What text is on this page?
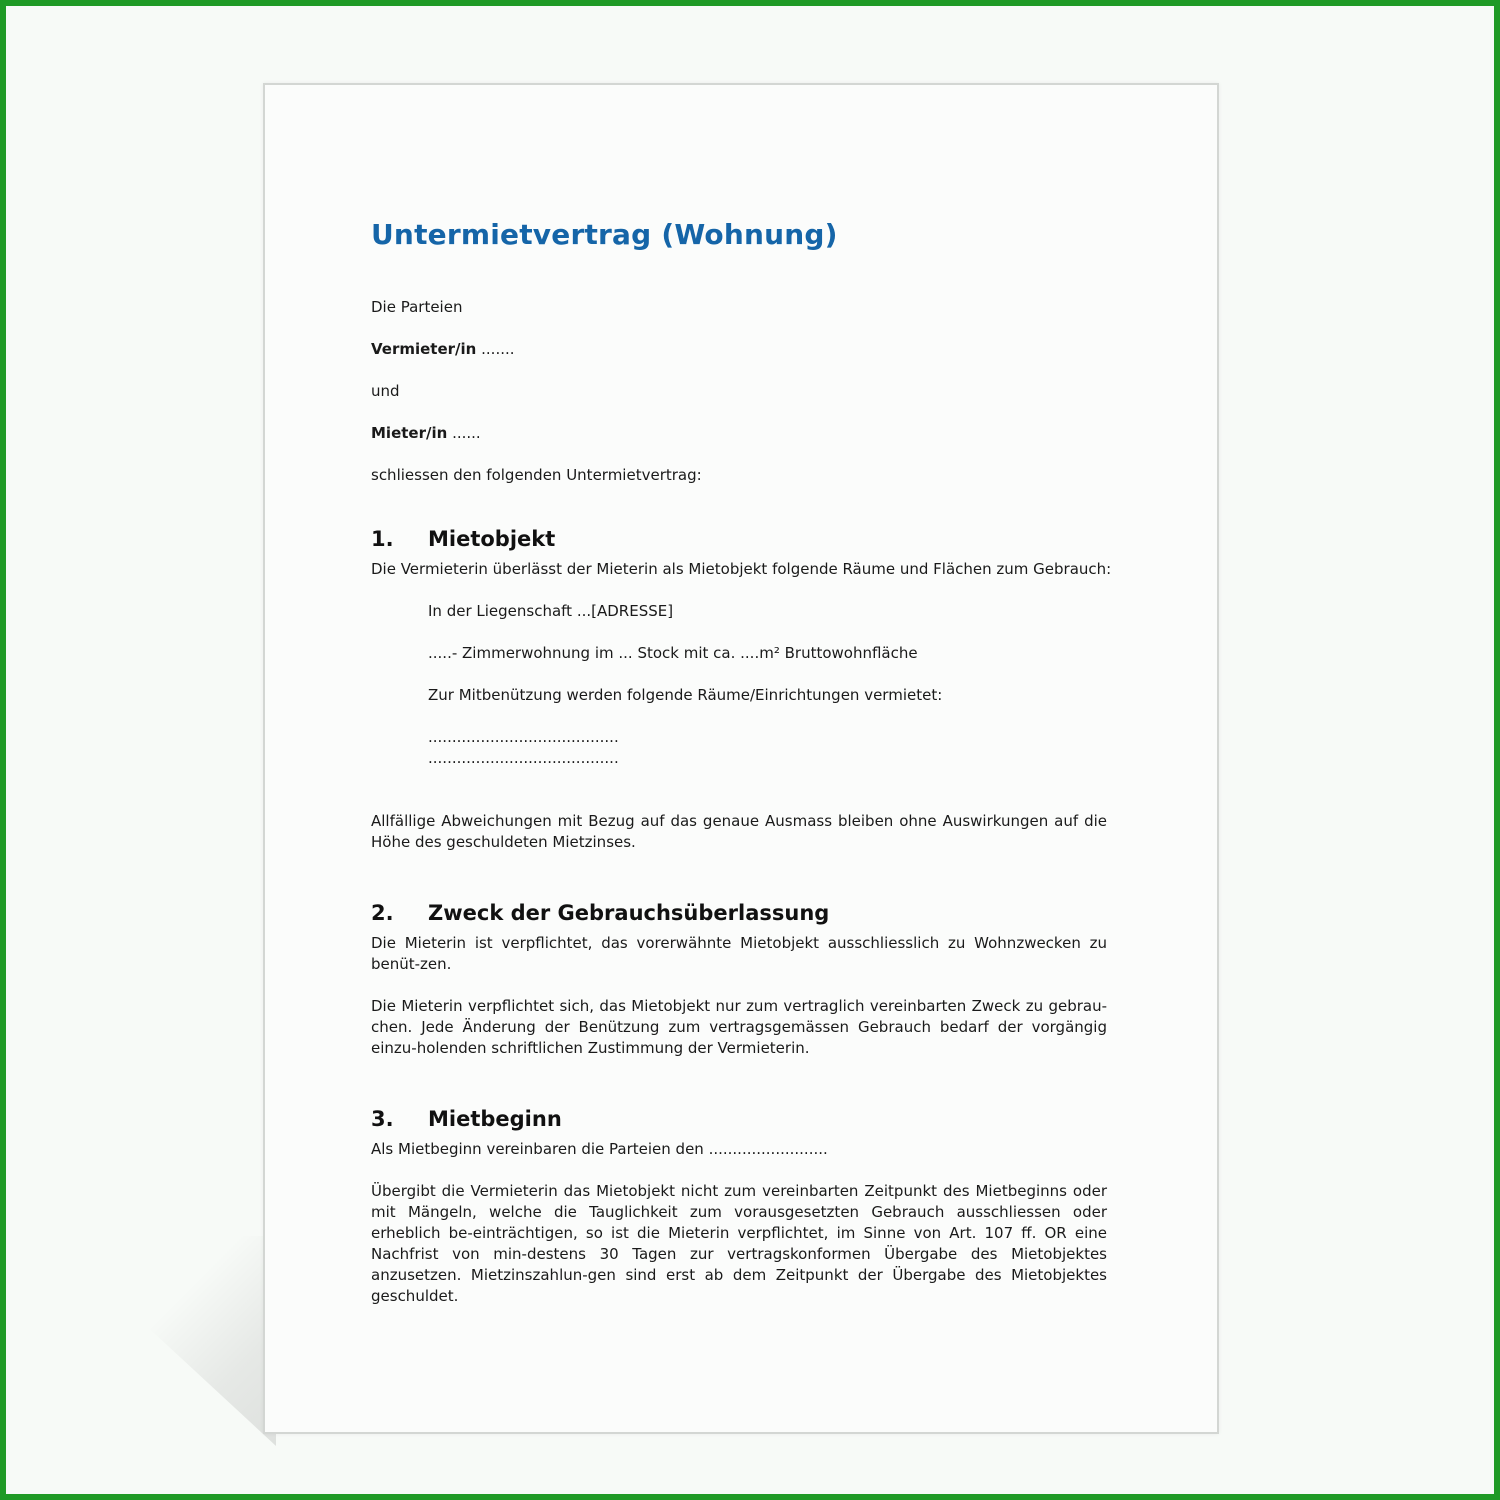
Untermietvertrag (Wohnung)
Die Parteien
Vermieter/in .......
und
Mieter/in ......
schliessen den folgenden Untermietvertrag:
1.	Mietobjekt
Die Vermieterin überlässt der Mieterin als Mietobjekt folgende Räume und Flächen zum Gebrauch:
In der Liegenschaft ...[ADRESSE]
.....- Zimmerwohnung im ... Stock mit ca. ....m² Bruttowohnfläche
Zur Mitbenützung werden folgende Räume/Einrichtungen vermietet:
........................................
........................................

Allfällige Abweichungen mit Bezug auf das genaue Ausmass bleiben ohne Auswirkungen auf die Höhe des geschuldeten Mietzinses.

2.	Zweck der Gebrauchsüberlassung

Die Mieterin ist verpflichtet, das vorerwähnte Mietobjekt ausschliesslich zu Wohnzwecken zu benüt-zen.

Die Mieterin verpflichtet sich, das Mietobjekt nur zum vertraglich vereinbarten Zweck zu gebrau-chen. Jede Änderung der Benützung zum vertragsgemässen Gebrauch bedarf der vorgängig einzu-holenden schriftlichen Zustimmung der Vermieterin.

3.	Mietbeginn

Als Mietbeginn vereinbaren die Parteien den .........................

Übergibt die Vermieterin das Mietobjekt nicht zum vereinbarten Zeitpunkt des Mietbeginns oder mit Mängeln, welche die Tauglichkeit zum vorausgesetzten Gebrauch ausschliessen oder erheblich be-einträchtigen, so ist die Mieterin verpflichtet, im Sinne von Art. 107 ff. OR eine Nachfrist von min-destens 30 Tagen zur vertragskonformen Übergabe des Mietobjektes anzusetzen. Mietzinszahlun-gen sind erst ab dem Zeitpunkt der Übergabe des Mietobjektes geschuldet.
